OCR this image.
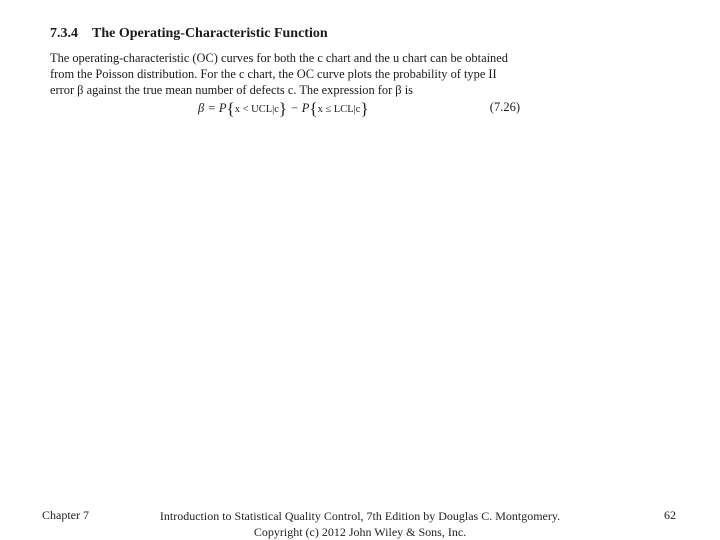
7.3.4 The Operating-Characteristic Function
The operating-characteristic (OC) curves for both the c chart and the u chart can be obtained
from the Poisson distribution. For the c chart, the OC curve plots the probability of type II
error β against the true mean number of defects c. The expression for β is
β = P{x < UCL|c} − P{x ≤ LCL|c}	(7.26)
Chapter 7	Introduction to Statistical Quality Control, 7th Edition by Douglas C. Montgomery.
Copyright (c) 2012 John Wiley & Sons, Inc.
62
